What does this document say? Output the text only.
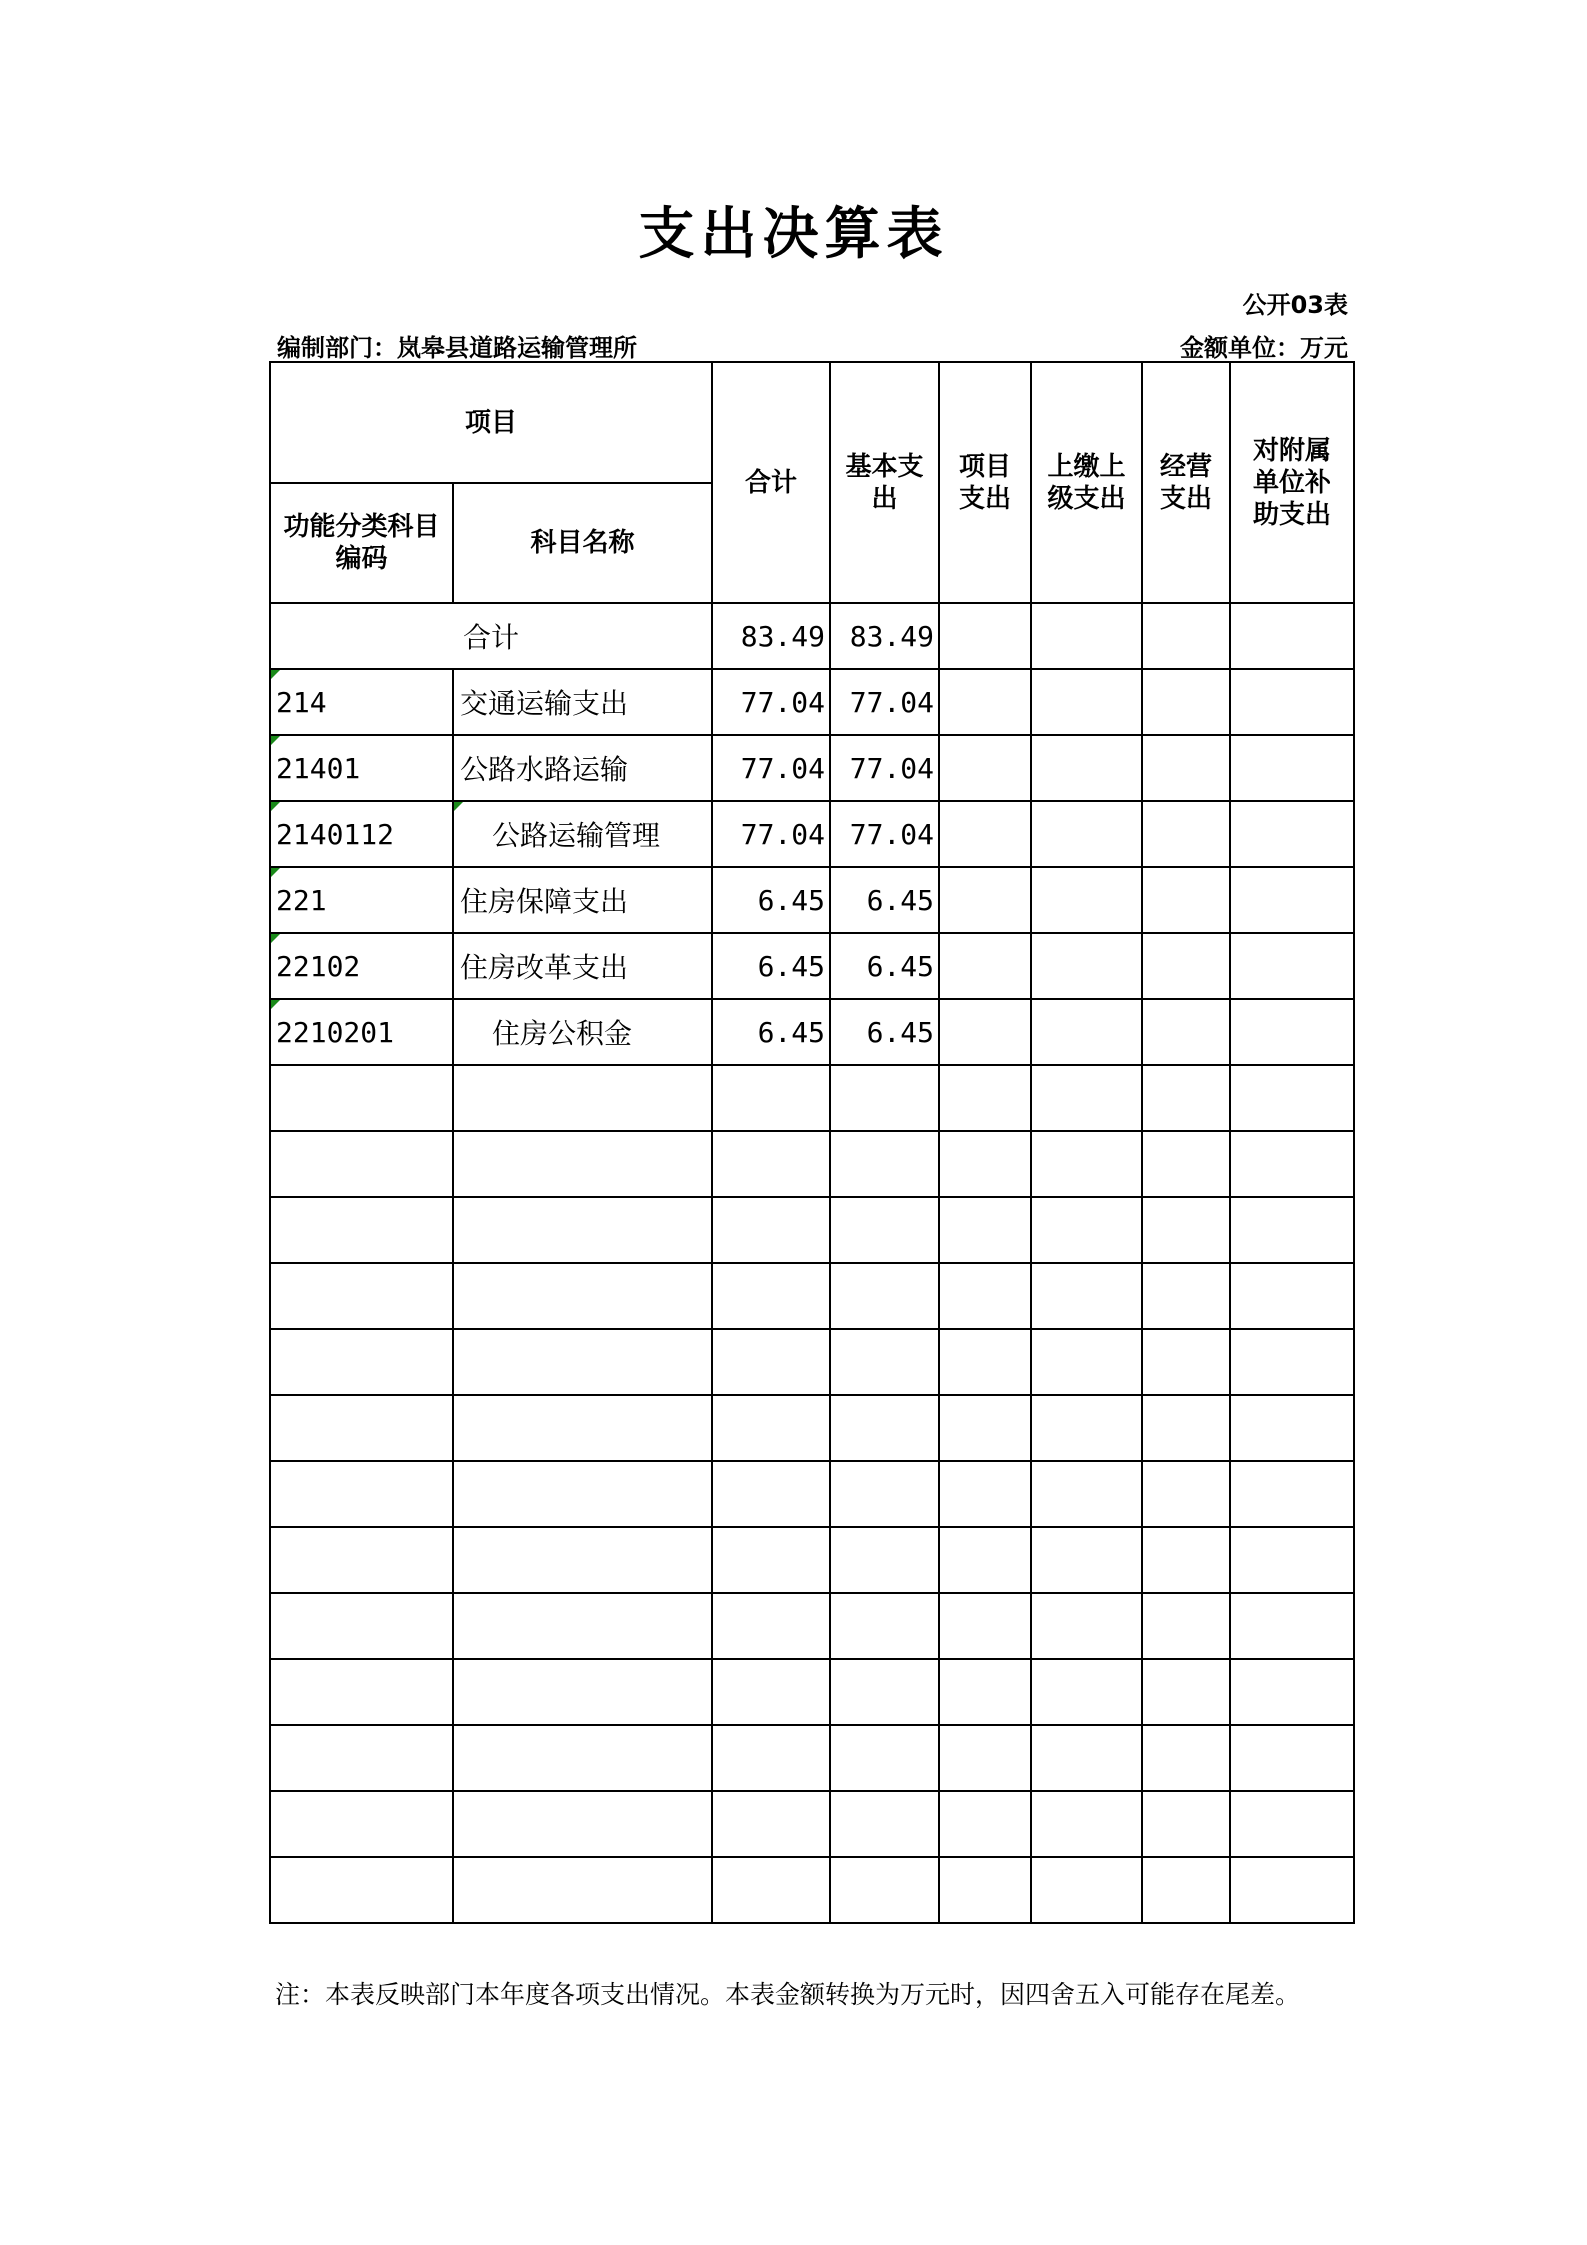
支出决算表
公开03表
编制部门：岚皋县道路运输管理所	金额单位：万元
项目		合计	基本支出	项目支出	上缴上级支出	经营支出	对附属单位补助支出
功能分类科目编码	科目名称						
合计		83.49	83.49				
214	交通运输支出	77.04	77.04				
21401	公路水路运输	77.04	77.04				
2140112	公路运输管理	77.04	77.04				
221	住房保障支出	6.45	6.45				
22102	住房改革支出	6.45	6.45				
2210201	住房公积金	6.45	6.45				

注：本表反映部门本年度各项支出情况。本表金额转换为万元时，因四舍五入可能存在尾差。
